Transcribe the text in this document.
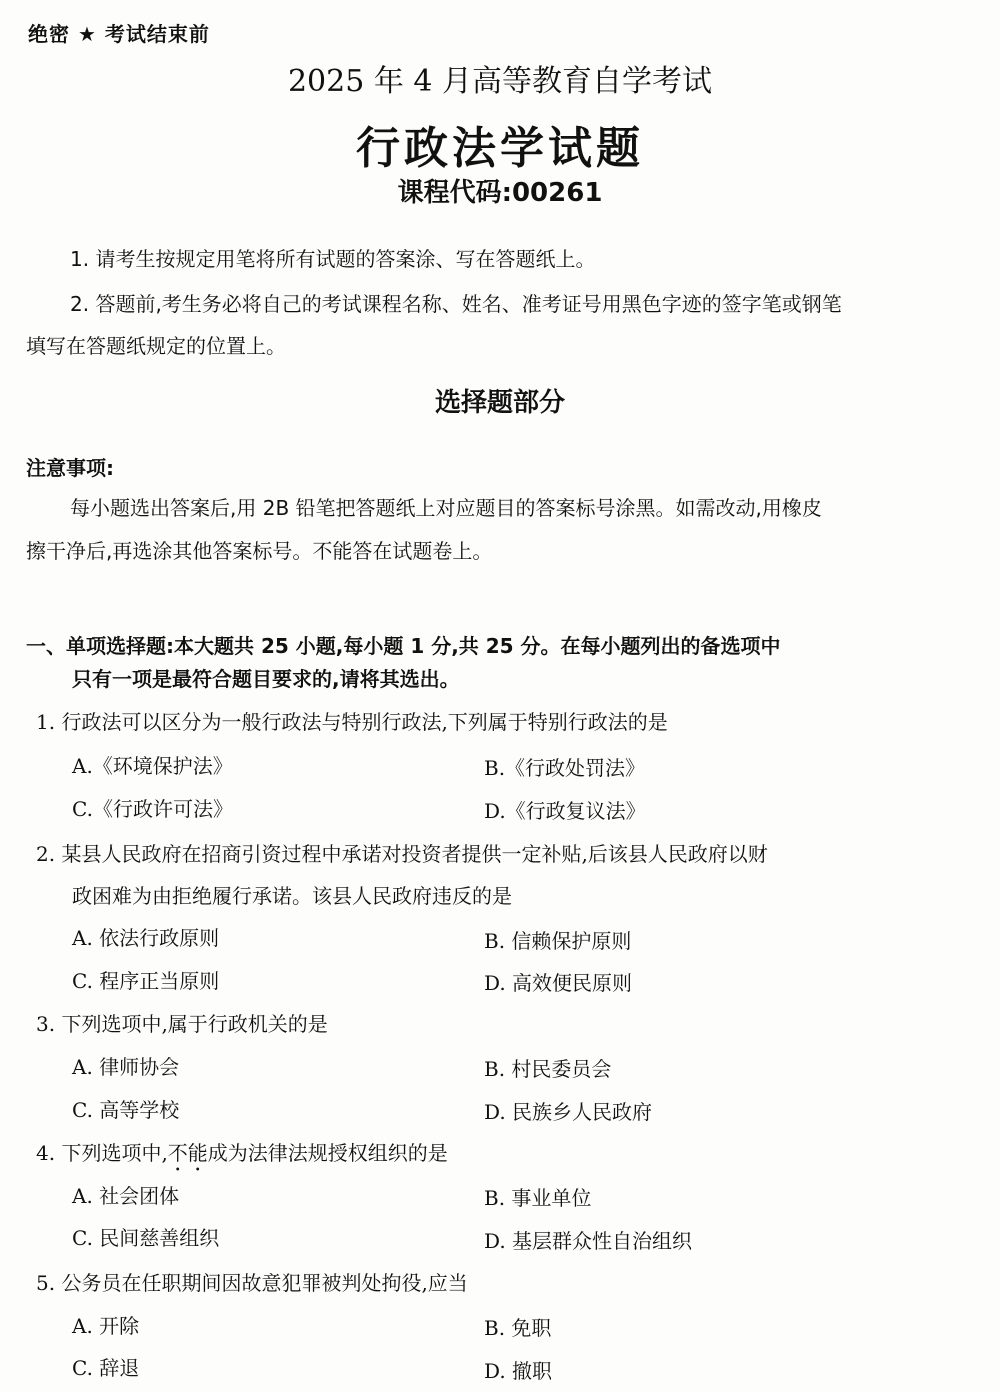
绝密 ★ 考试结束前
2025 年 4 月高等教育自学考试
行政法学试题
课程代码:00261
1. 请考生按规定用笔将所有试题的答案涂、写在答题纸上。
2. 答题前,考生务必将自己的考试课程名称、姓名、准考证号用黑色字迹的签字笔或钢笔
填写在答题纸规定的位置上。
选择题部分
注意事项:
每小题选出答案后,用 2B 铅笔把答题纸上对应题目的答案标号涂黑。如需改动,用橡皮
擦干净后,再选涂其他答案标号。不能答在试题卷上。
一、单项选择题:本大题共 25 小题,每小题 1 分,共 25 分。在每小题列出的备选项中
只有一项是最符合题目要求的,请将其选出。
1. 行政法可以区分为一般行政法与特别行政法,下列属于特别行政法的是
A.《环境保护法》	B.《行政处罚法》
C.《行政许可法》	D.《行政复议法》
2. 某县人民政府在招商引资过程中承诺对投资者提供一定补贴,后该县人民政府以财
政困难为由拒绝履行承诺。该县人民政府违反的是
A. 依法行政原则	B. 信赖保护原则
C. 程序正当原则	D. 高效便民原则
3. 下列选项中,属于行政机关的是
A. 律师协会	B. 村民委员会
C. 高等学校	D. 民族乡人民政府
4. 下列选项中,不能成为法律法规授权组织的是
A. 社会团体	B. 事业单位
C. 民间慈善组织	D. 基层群众性自治组织
5. 公务员在任职期间因故意犯罪被判处拘役,应当
A. 开除	B. 免职
C. 辞退	D. 撤职
